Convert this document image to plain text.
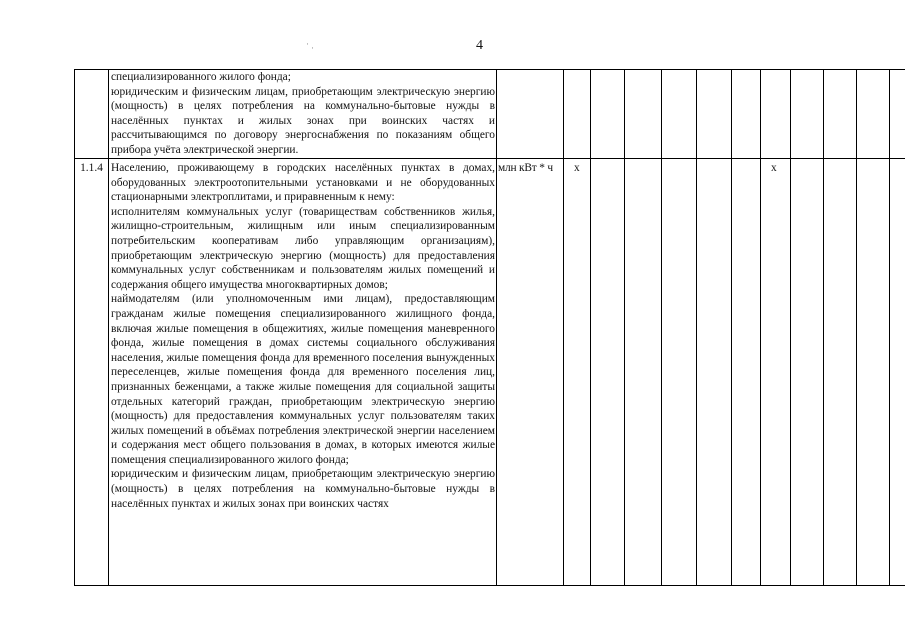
4
· ·

	специализированного жилого фонда;

юридическим и физическим лицам, приобретающим электрическую энергию (мощность) в целях потребления на коммунально-бытовые нужды в населённых пунктах и жилых зонах при воинских частях и рассчитывающимся по договору энергоснабжения по показаниям общего прибора учёта электрической энергии.													

1.1.4	Населению, проживающему в городских населённых пунктах в домах, оборудованных электроотопительными установками и не оборудованных стационарными электроплитами, и приравненным к нему:

исполнителям коммунальных услуг (товариществам собственников жилья, жилищно-строительным, жилищным или иным специализированным потребительским кооперативам либо управляющим организациям), приобретающим электрическую энергию (мощность) для предоставления коммунальных услуг собственникам и пользователям жилых помещений и содержания общего имущества многоквартирных домов;

наймодателям (или уполномоченным ими лицам), предоставляющим гражданам жилые помещения специализированного жилищного фонда, включая жилые помещения в общежитиях, жилые помещения маневренного фонда, жилые помещения в домах системы социального обслуживания населения, жилые помещения фонда для временного поселения вынужденных переселенцев, жилые помещения фонда для временного поселения лиц, признанных беженцами, а также жилые помещения для социальной защиты отдельных категорий граждан, приобретающим электрическую энергию (мощность) для предоставления коммунальных услуг пользователям таких жилых помещений в объёмах потребления электрической энергии населением и содержания мест общего пользования в домах, в которых имеются жилые помещения специализированного жилого фонда;

юридическим и физическим лицам, приобретающим электрическую энергию (мощность) в целях потребления на коммунально-бытовые нужды в населённых пунктах и жилых зонах при воинских частях	млн кВт * ч	х						х					
